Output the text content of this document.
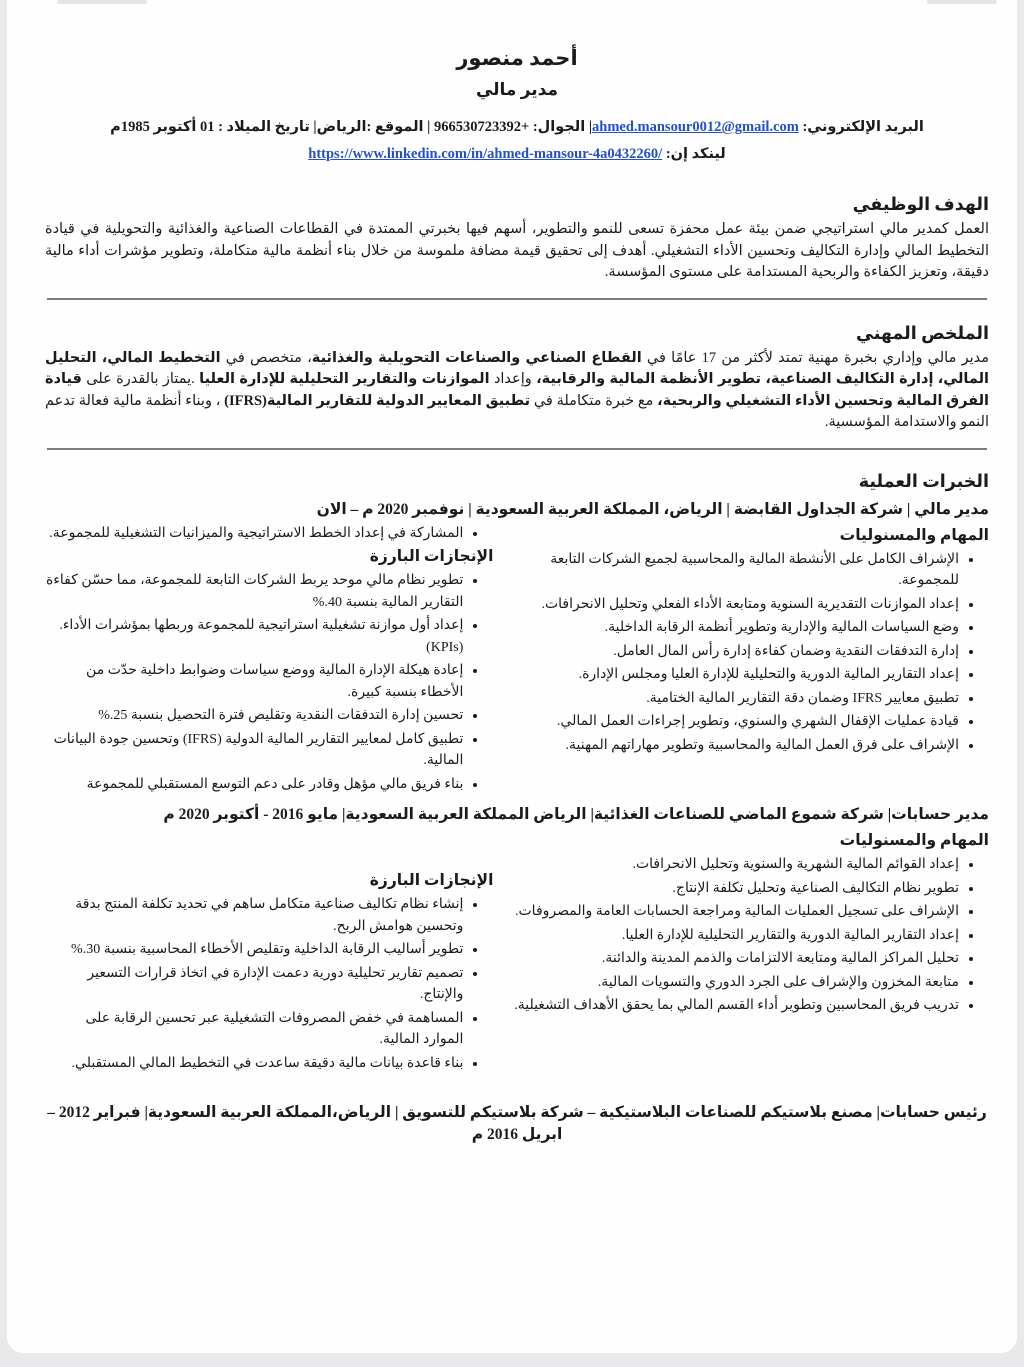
أحمد منصور
مدير مالي

البريد الإلكتروني: ahmed.mansour0012@gmail.com| الجوال: +966530723392 | الموقع :الرياض| تاريخ الميلاد : 01 أكتوبر 1985م

لينكد إن: https://www.linkedin.com/in/ahmed-mansour-4a0432260/

الهدف الوظيفي

العمل كمدير مالي استراتيجي ضمن بيئة عمل محفزة تسعى للنمو والتطوير، أسهم فيها بخبرتي الممتدة في القطاعات الصناعية والغذائية والتحويلية في قيادة التخطيط المالي وإدارة التكاليف وتحسين الأداء التشغيلي. أهدف إلى تحقيق قيمة مضافة ملموسة من خلال بناء أنظمة مالية متكاملة، وتطوير مؤشرات أداء مالية دقيقة، وتعزيز الكفاءة والربحية المستدامة على مستوى المؤسسة.

الملخص المهني

مدير مالي وإداري بخبرة مهنية تمتد لأكثر من 17 عامًا في القطاع الصناعي والصناعات التحويلية والغذائية، متخصص في التخطيط المالي، التحليل المالي، إدارة التكاليف الصناعية، تطوير الأنظمة المالية والرقابية، وإعداد الموازنات والتقارير التحليلية للإدارة العليا .يمتاز بالقدرة على قيادة الفرق المالية وتحسين الأداء التشغيلي والربحية، مع خبرة متكاملة في تطبيق المعايير الدولية للتقارير المالية(IFRS) ، وبناء أنظمة مالية فعالة تدعم النمو والاستدامة المؤسسية.

الخبرات العملية

مدير مالي | شركة الجداول القابضة | الرياض، المملكة العربية السعودية | نوفمبر 2020 م – الان

المهام والمسنوليات

• الإشراف الكامل على الأنشطة المالية والمحاسبية لجميع الشركات التابعة للمجموعة.
• إعداد الموازنات التقديرية السنوية ومتابعة الأداء الفعلي وتحليل الانحرافات.
• وضع السياسات المالية والإدارية وتطوير أنظمة الرقابة الداخلية.
• إدارة التدفقات النقدية وضمان كفاءة إدارة رأس المال العامل.
• إعداد التقارير المالية الدورية والتحليلية للإدارة العليا ومجلس الإدارة.
• تطبيق معايير IFRS وضمان دقة التقارير المالية الختامية.
• قيادة عمليات الإقفال الشهري والسنوي، وتطوير إجراءات العمل المالي.
• الإشراف على فرق العمل المالية والمحاسبية وتطوير مهاراتهم المهنية.
• المشاركة في إعداد الخطط الاستراتيجية والميزانيات التشغيلية للمجموعة.

الإنجازات البارزة

• تطوير نظام مالي موحد يربط الشركات التابعة للمجموعة، مما حسّن كفاءة التقارير المالية بنسبة 40.%
• إعداد أول موازنة تشغيلية استراتيجية للمجموعة وربطها بمؤشرات الأداء.(KPIs)
• إعادة هيكلة الإدارة المالية ووضع سياسات وضوابط داخلية حدّت من الأخطاء بنسبة كبيرة.
• تحسين إدارة التدفقات النقدية وتقليص فترة التحصيل بنسبة 25.%
• تطبيق كامل لمعايير التقارير المالية الدولية (IFRS) وتحسين جودة البيانات المالية.
• بناء فريق مالي مؤهل وقادر على دعم التوسع المستقبلي للمجموعة

مدير حسابات| شركة شموع الماضي للصناعات الغذائية| الرياض المملكة العربية السعودية| مايو 2016 - أكتوبر 2020 م

المهام والمسنوليات

• إعداد القوائم المالية الشهرية والسنوية وتحليل الانحرافات.
• تطوير نظام التكاليف الصناعية وتحليل تكلفة الإنتاج.
• الإشراف على تسجيل العمليات المالية ومراجعة الحسابات العامة والمصروفات.
• إعداد التقارير المالية الدورية والتقارير التحليلية للإدارة العليا.
• تحليل المراكز المالية ومتابعة الالتزامات والذمم المدينة والدائنة.
• متابعة المخزون والإشراف على الجرد الدوري والتسويات المالية.
• تدريب فريق المحاسبين وتطوير أداء القسم المالي بما يحقق الأهداف التشغيلية.

الإنجازات البارزة

• إنشاء نظام تكاليف صناعية متكامل ساهم في تحديد تكلفة المنتج بدقة وتحسين هوامش الربح.
• تطوير أساليب الرقابة الداخلية وتقليص الأخطاء المحاسبية بنسبة 30.%
• تصميم تقارير تحليلية دورية دعمت الإدارة في اتخاذ قرارات التسعير والإنتاج.
• المساهمة في خفض المصروفات التشغيلية عبر تحسين الرقابة على الموارد المالية.
• بناء قاعدة بيانات مالية دقيقة ساعدت في التخطيط المالي المستقبلي.

رئيس حسابات| مصنع بلاستيكم للصناعات البلاستيكية – شركة بلاستيكم للتسويق | الرياض،المملكة العربية السعودية| فبراير 2012 – ابريل 2016 م
